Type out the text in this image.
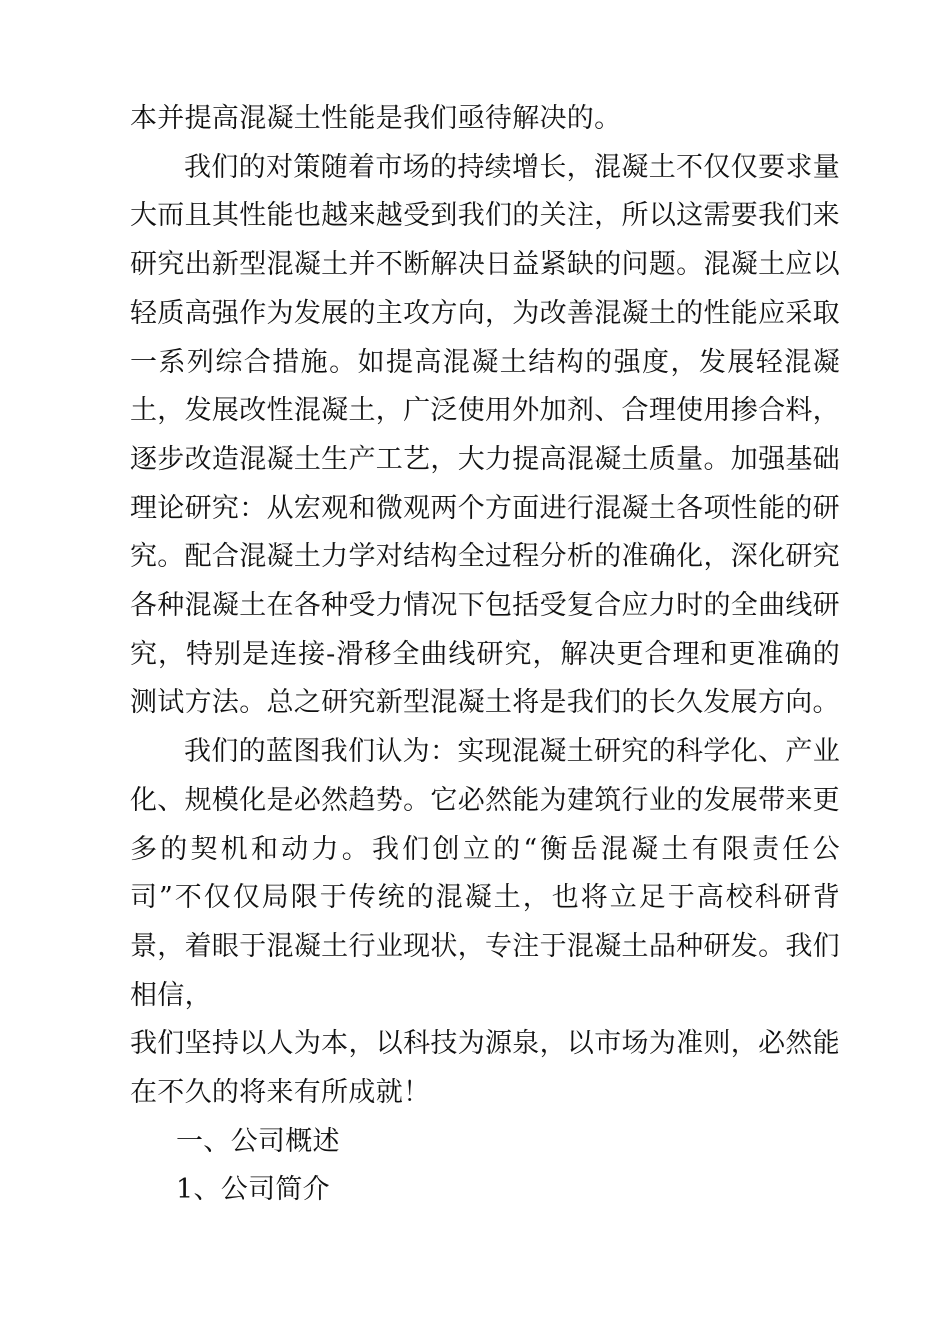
本并提高混凝土性能是我们亟待解决的。

我们的对策随着市场的持续增长，混凝土不仅仅要求量大而且其性能也越来越受到我们的关注，所以这需要我们来研究出新型混凝土并不断解决日益紧缺的问题。混凝土应以轻质高强作为发展的主攻方向，为改善混凝土的性能应采取一系列综合措施。如提高混凝土结构的强度，发展轻混凝土，发展改性混凝土，广泛使用外加剂、合理使用掺合料，逐步改造混凝土生产工艺，大力提高混凝土质量。加强基础理论研究：从宏观和微观两个方面进行混凝土各项性能的研究。配合混凝土力学对结构全过程分析的准确化，深化研究各种混凝土在各种受力情况下包括受复合应力时的全曲线研究，特别是连接-滑移全曲线研究，解决更合理和更准确的测试方法。总之研究新型混凝土将是我们的长久发展方向。

我们的蓝图我们认为：实现混凝土研究的科学化、产业化、规模化是必然趋势。它必然能为建筑行业的发展带来更多的契机和动力。我们创立的“衡岳混凝土有限责任公司”不仅仅局限于传统的混凝土，也将立足于高校科研背景，着眼于混凝土行业现状，专注于混凝土品种研发。我们相信，

我们坚持以人为本，以科技为源泉，以市场为准则，必然能在不久的将来有所成就！

一、公司概述

1、公司简介
